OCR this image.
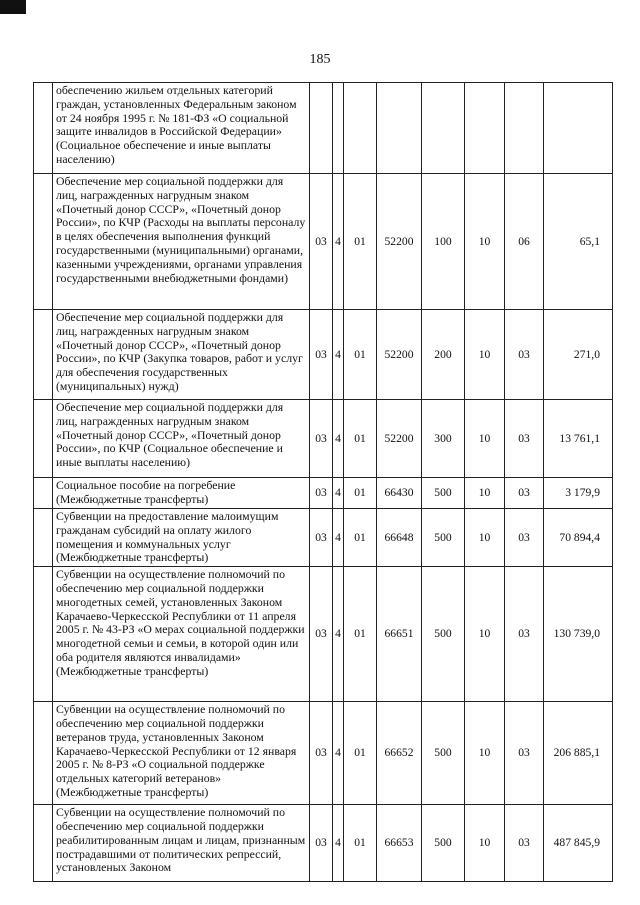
185
	обеспечению жильем отдельных категорий граждан, установленных Федеральным законом от 24 ноября 1995 г. № 181-ФЗ «О социальной защите инвалидов в Российской Федерации» (Социальное обеспечение и иные выплаты населению)								
	Обеспечение мер социальной поддержки для лиц, награжденных нагрудным знаком «Почетный донор СССР», «Почетный донор России», по КЧР (Расходы на выплаты персоналу в целях обеспечения выполнения функций государственными (муниципальными) органами, казенными учреждениями, органами управления государственными внебюджетными фондами)	03	4	01	52200	100	10	06	65,1
	Обеспечение мер социальной поддержки для лиц, награжденных нагрудным знаком «Почетный донор СССР», «Почетный донор России», по КЧР (Закупка товаров, работ и услуг для обеспечения государственных (муниципальных) нужд)	03	4	01	52200	200	10	03	271,0
	Обеспечение мер социальной поддержки для лиц, награжденных нагрудным знаком «Почетный донор СССР», «Почетный донор России», по КЧР (Социальное обеспечение и иные выплаты населению)	03	4	01	52200	300	10	03	13 761,1
	Социальное пособие на погребение (Межбюджетные трансферты)	03	4	01	66430	500	10	03	3 179,9
	Субвенции на предоставление малоимущим гражданам субсидий на оплату жилого помещения и коммунальных услуг (Межбюджетные трансферты)	03	4	01	66648	500	10	03	70 894,4
	Субвенции на осуществление полномочий по обеспечению мер социальной поддержки многодетных семей, установленных Законом Карачаево-Черкесской Республики от 11 апреля 2005 г. № 43-РЗ «О мерах социальной поддержки многодетной семьи и семьи, в которой один или оба родителя являются инвалидами» (Межбюджетные трансферты)	03	4	01	66651	500	10	03	130 739,0
	Субвенции на осуществление полномочий по обеспечению мер социальной поддержки ветеранов труда, установленных Законом Карачаево-Черкесской Республики от 12 января 2005 г. № 8-РЗ «О социальной поддержке отдельных категорий ветеранов» (Межбюджетные трансферты)	03	4	01	66652	500	10	03	206 885,1
	Субвенции на осуществление полномочий по обеспечению мер социальной поддержки реабилитированным лицам и лицам, признанным пострадавшими от политических репрессий, установленых Законом	03	4	01	66653	500	10	03	487 845,9
